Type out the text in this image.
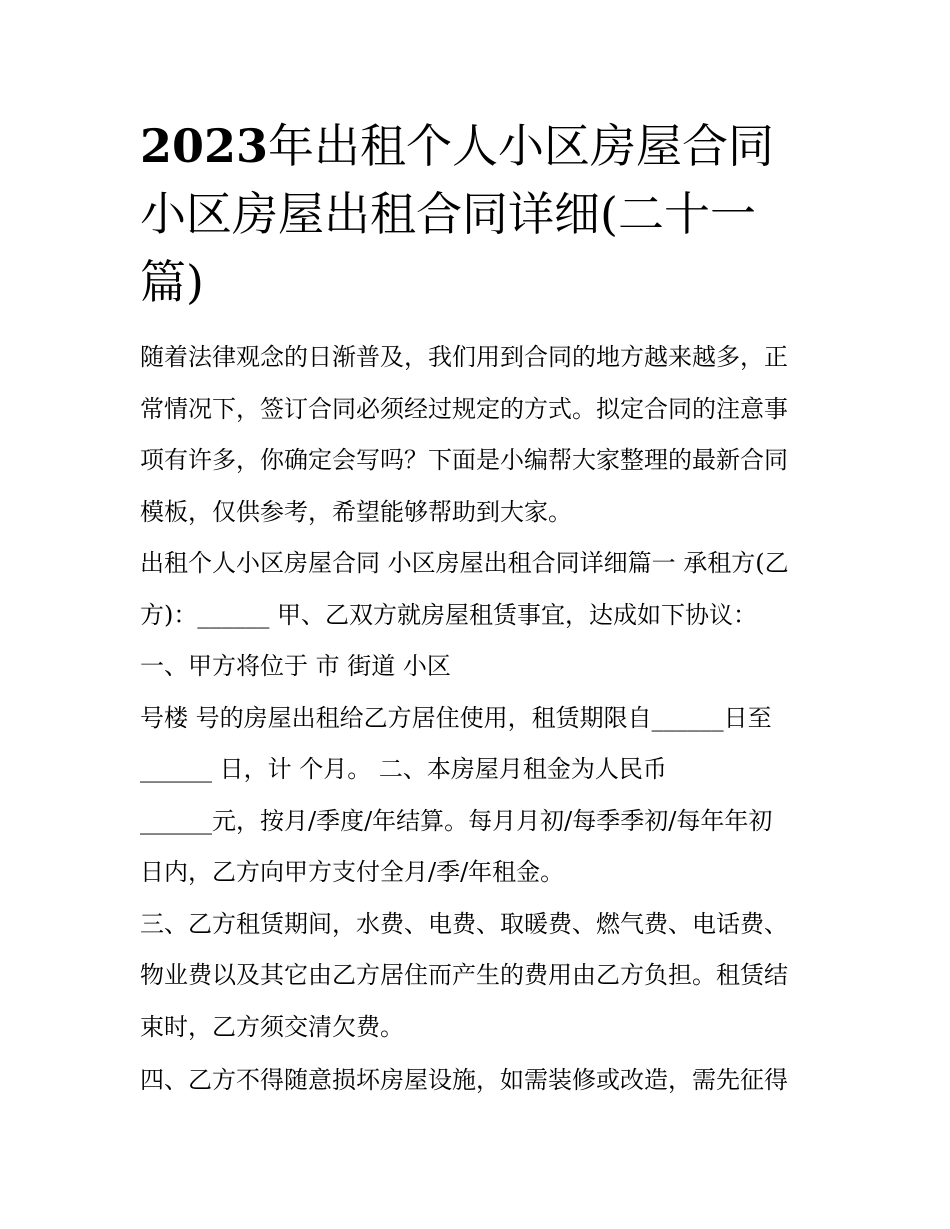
2023年出租个人小区房屋合同
小区房屋出租合同详细(二十一
篇)
随着法律观念的日渐普及，我们用到合同的地方越来越多，正
常情况下，签订合同必须经过规定的方式。拟定合同的注意事
项有许多，你确定会写吗？下面是小编帮大家整理的最新合同
模板，仅供参考，希望能够帮助到大家。
出租个人小区房屋合同 小区房屋出租合同详细篇一 承租方(乙
方)：______ 甲、乙双方就房屋租赁事宜，达成如下协议：
一、甲方将位于 市 街道 小区
号楼 号的房屋出租给乙方居住使用，租赁期限自______日至
______ 日，计 个月。 二、本房屋月租金为人民币
______元，按月/季度/年结算。每月月初/每季季初/每年年初
日内，乙方向甲方支付全月/季/年租金。
三、乙方租赁期间，水费、电费、取暖费、燃气费、电话费、
物业费以及其它由乙方居住而产生的费用由乙方负担。租赁结
束时，乙方须交清欠费。
四、乙方不得随意损坏房屋设施，如需装修或改造，需先征得
